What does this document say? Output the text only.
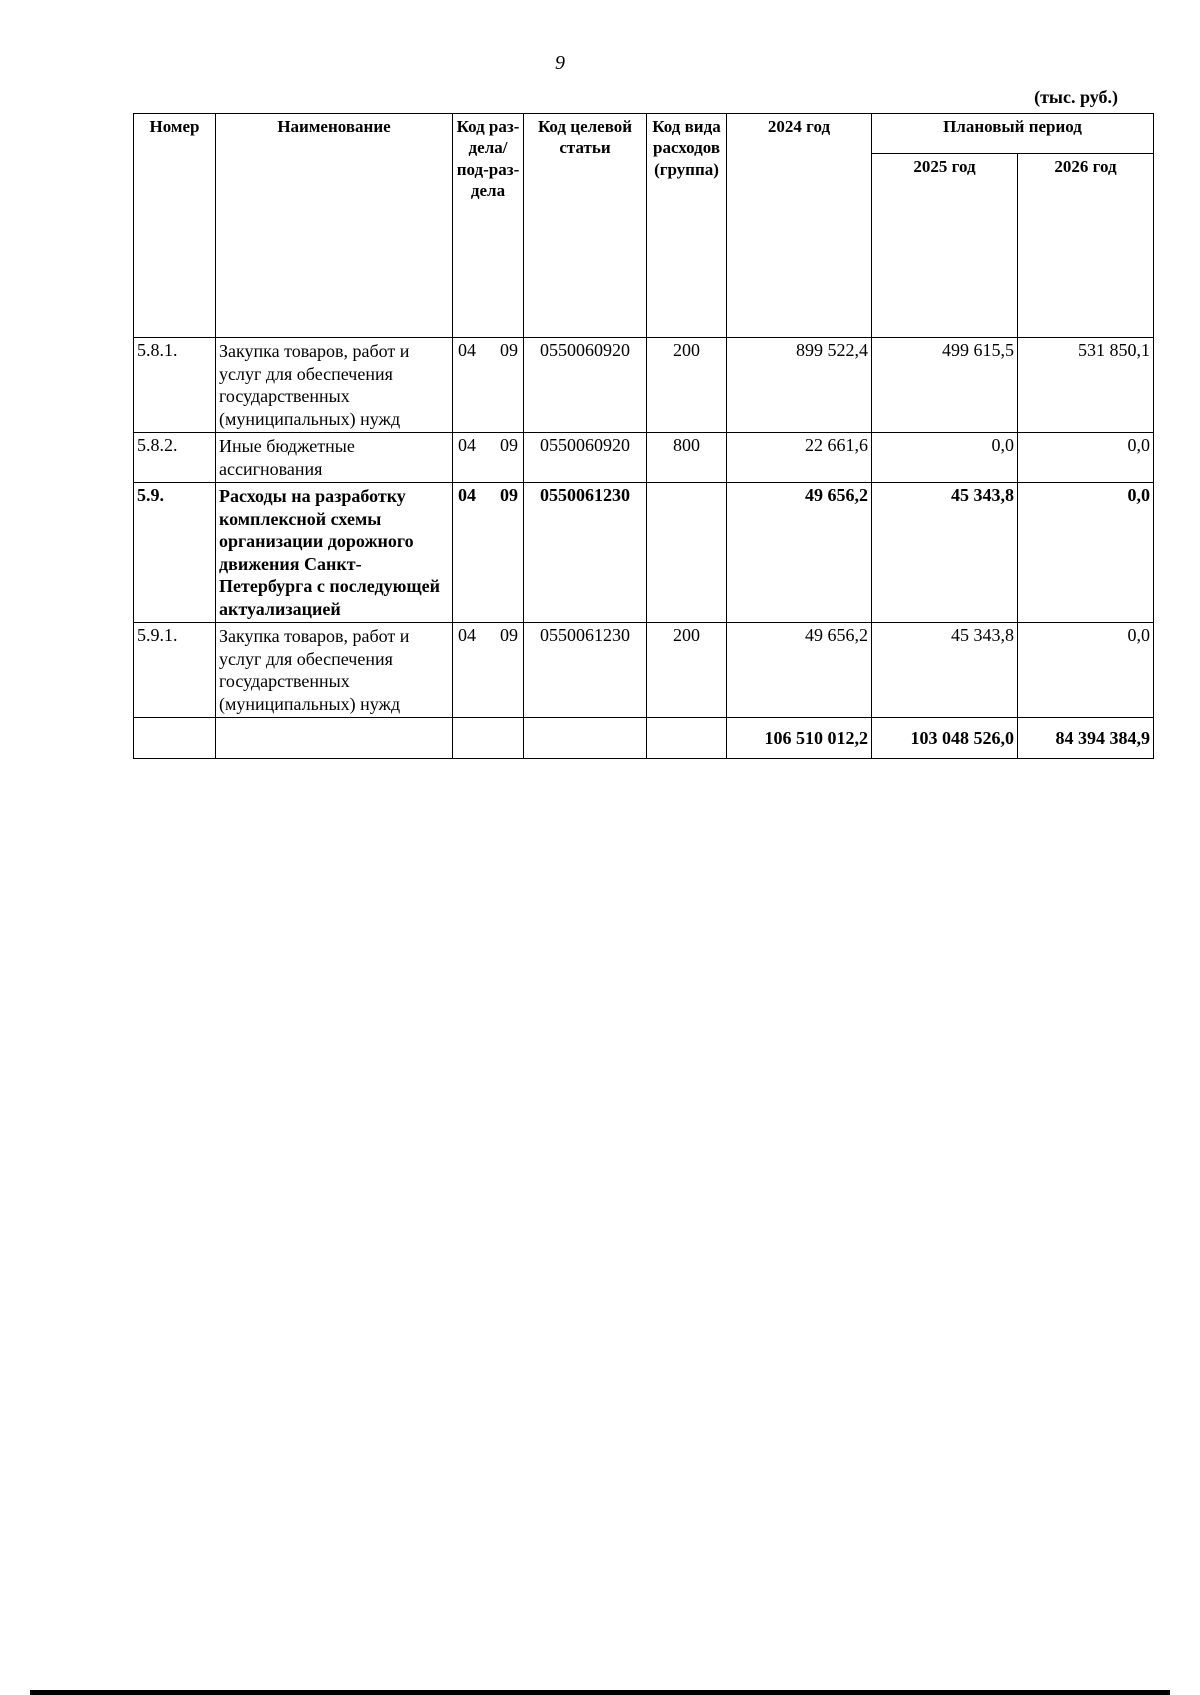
9
(тыс. руб.)
Номер	Наименование	Код раз-дела/ под-раз-дела	Код целевой статьи	Код вида расходов (группа)	2024 год	Плановый период	
						2025 год	2026 год
5.8.1.	Закупка товаров, работ и услуг для обеспечения государственных (муниципальных) нужд	04 09	0550060920	200	899 522,4	499 615,5	531 850,1
5.8.2.	Иные бюджетные ассигнования	04 09	0550060920	800	22 661,6	0,0	0,0
5.9.	Расходы на разработку комплексной схемы организации дорожного движения Санкт-Петербурга с последующей актуализацией	04 09	0550061230		49 656,2	45 343,8	0,0
5.9.1.	Закупка товаров, работ и услуг для обеспечения государственных (муниципальных) нужд	04 09	0550061230	200	49 656,2	45 343,8	0,0
					106 510 012,2	103 048 526,0	84 394 384,9
